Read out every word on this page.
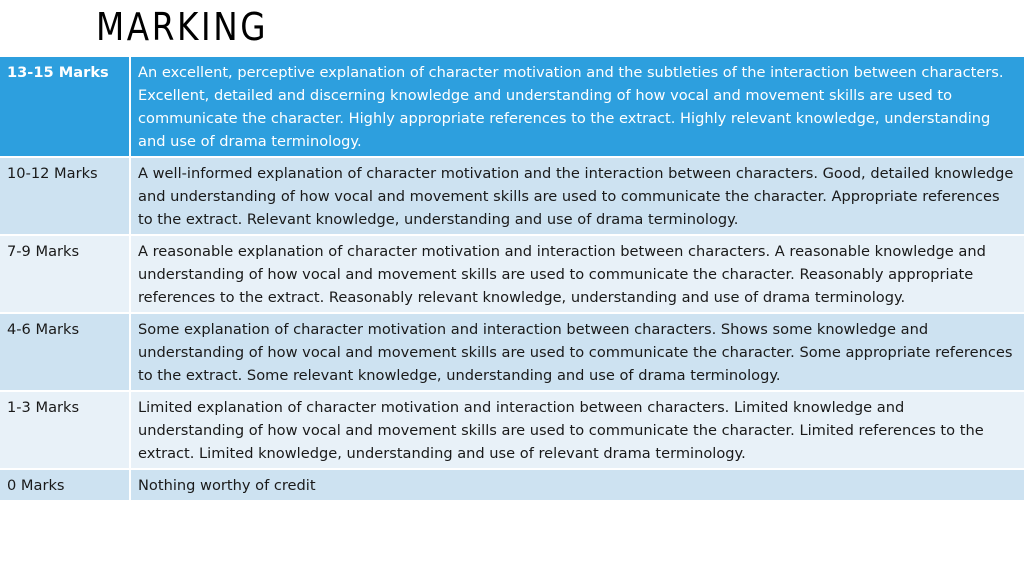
MARKING
13-15 Marks	An excellent, perceptive explanation of character motivation and the subtleties of the interaction between characters. Excellent, detailed and discerning knowledge and understanding of how vocal and movement skills are used to communicate the character. Highly appropriate references to the extract. Highly relevant knowledge, understanding and use of drama terminology.
10-12 Marks	A well-informed explanation of character motivation and the interaction between characters. Good, detailed knowledge and understanding of how vocal and movement skills are used to communicate the character. Appropriate references to the extract. Relevant knowledge, understanding and use of drama terminology.
7-9 Marks	A reasonable explanation of character motivation and interaction between characters. A reasonable knowledge and understanding of how vocal and movement skills are used to communicate the character. Reasonably appropriate references to the extract. Reasonably relevant knowledge, understanding and use of drama terminology.
4-6 Marks	Some explanation of character motivation and interaction between characters. Shows some knowledge and understanding of how vocal and movement skills are used to communicate the character. Some appropriate references to the extract. Some relevant knowledge, understanding and use of drama terminology.
1-3 Marks	Limited explanation of character motivation and interaction between characters. Limited knowledge and understanding of how vocal and movement skills are used to communicate the character. Limited references to the extract. Limited knowledge, understanding and use of relevant drama terminology.
0 Marks	Nothing worthy of credit
